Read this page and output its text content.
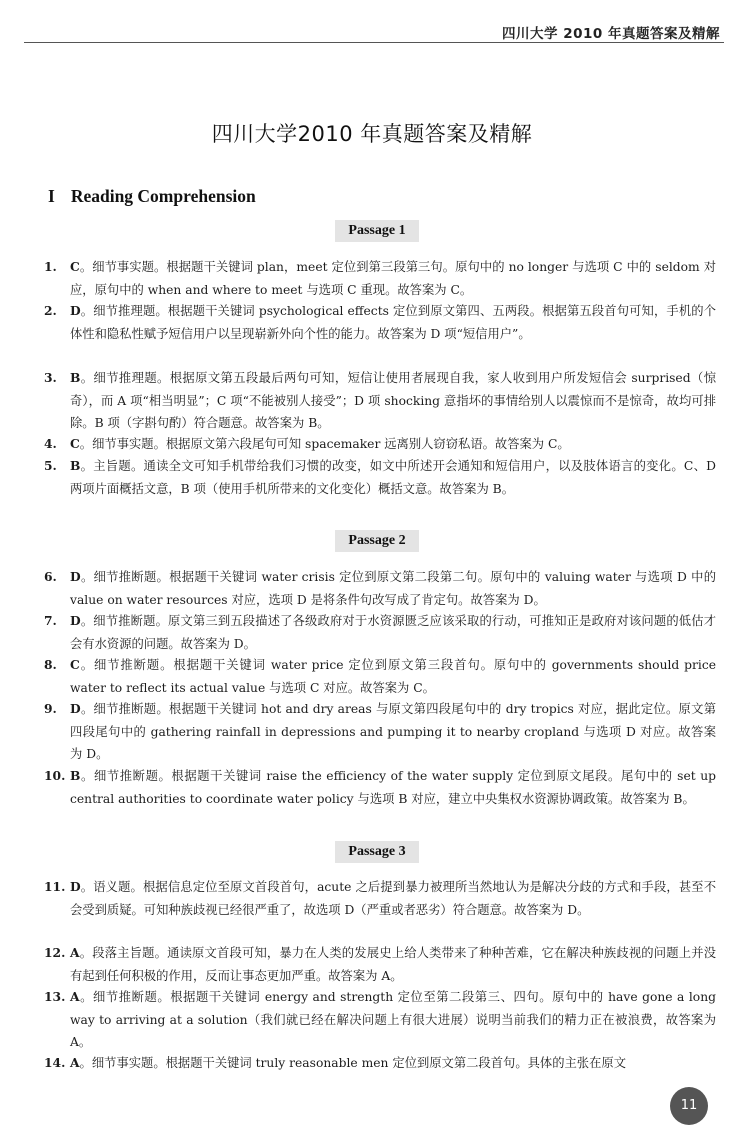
四川大学 2010 年真题答案及精解
四川大学2010 年真题答案及精解
I Reading Comprehension
Passage 1
1.	C。细节事实题。根据题干关键词 plan，meet 定位到第三段第三句。原句中的 no longer 与选项 C 中的 seldom 对应，原句中的 when and where to meet 与选项 C 重现。故答案为 C。
2.	D。细节推理题。根据题干关键词 psychological effects 定位到原文第四、五两段。根据第五段首句可知，手机的个体性和隐私性赋予短信用户以呈现崭新外向个性的能力。故答案为 D 项“短信用户”。
3.	B。细节推理题。根据原文第五段最后两句可知，短信让使用者展现自我，家人收到用户所发短信会 surprised（惊奇），而 A 项“相当明显”；C 项“不能被别人接受”；D 项 shocking 意指坏的事情给别人以震惊而不是惊奇，故均可排除。B 项（字斟句酌）符合题意。故答案为 B。
4.	C。细节事实题。根据原文第六段尾句可知 spacemaker 远离别人窃窃私语。故答案为 C。
5.	B。主旨题。通读全文可知手机带给我们习惯的改变，如文中所述开会通知和短信用户，以及肢体语言的变化。C、D 两项片面概括文意，B 项（使用手机所带来的文化变化）概括文意。故答案为 B。
Passage 2
6.	D。细节推断题。根据题干关键词 water crisis 定位到原文第二段第二句。原句中的 valuing water 与选项 D 中的 value on water resources 对应，选项 D 是将条件句改写成了肯定句。故答案为 D。
7.	D。细节推断题。原文第三到五段描述了各级政府对于水资源匮乏应该采取的行动，可推知正是政府对该问题的低估才会有水资源的问题。故答案为 D。
8.	C。细节推断题。根据题干关键词 water price 定位到原文第三段首句。原句中的 governments should price water to reflect its actual value 与选项 C 对应。故答案为 C。
9.	D。细节推断题。根据题干关键词 hot and dry areas 与原文第四段尾句中的 dry tropics 对应，据此定位。原文第四段尾句中的 gathering rainfall in depressions and pumping it to nearby cropland 与选项 D 对应。故答案为 D。
10. B。细节推断题。根据题干关键词 raise the efficiency of the water supply 定位到原文尾段。尾句中的 set up central authorities to coordinate water policy 与选项 B 对应，建立中央集权水资源协调政策。故答案为 B。
Passage 3
11. D。语义题。根据信息定位至原文首段首句，acute 之后提到暴力被理所当然地认为是解决分歧的方式和手段，甚至不会受到质疑。可知种族歧视已经很严重了，故选项 D（严重或者恶劣）符合题意。故答案为 D。
12. A。段落主旨题。通读原文首段可知，暴力在人类的发展史上给人类带来了种种苦难，它在解决种族歧视的问题上并没有起到任何积极的作用，反而让事态更加严重。故答案为 A。
13. A。细节推断题。根据题干关键词 energy and strength 定位至第二段第三、四句。原句中的 have gone a long way to arriving at a solution（我们就已经在解决问题上有很大进展）说明当前我们的精力正在被浪费，故答案为 A。
14. A。细节事实题。根据题干关键词 truly reasonable men 定位到原文第二段首句。具体的主张在原文
11
